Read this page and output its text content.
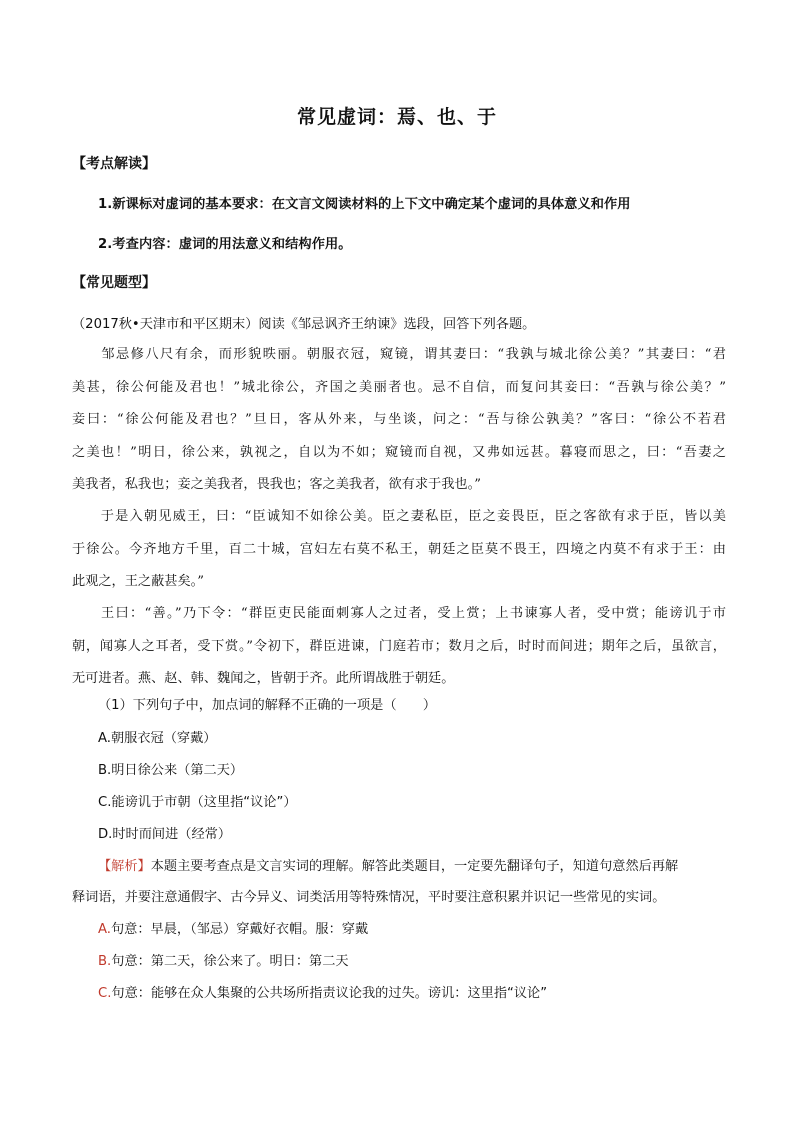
常见虚词：焉、也、于
【考点解读】
1.新课标对虚词的基本要求：在文言文阅读材料的上下文中确定某个虚词的具体意义和作用
2.考查内容：虚词的用法意义和结构作用。
【常见题型】
（2017秋•天津市和平区期末）阅读《邹忌讽齐王纳谏》选段，回答下列各题。
　　邹忌修八尺有余，而形貌昳丽。朝服衣冠，窥镜，谓其妻曰：“我孰与城北徐公美？”其妻曰：“君
美甚，徐公何能及君也！”城北徐公，齐国之美丽者也。忌不自信，而复问其妾曰：“吾孰与徐公美？”
妾曰：“徐公何能及君也？”旦日，客从外来，与坐谈，问之：“吾与徐公孰美？”客曰：“徐公不若君
之美也！”明日，徐公来，孰视之，自以为不如；窥镜而自视，又弗如远甚。暮寝而思之，曰：“吾妻之
美我者，私我也；妾之美我者，畏我也；客之美我者，欲有求于我也。”
　　于是入朝见威王，曰：“臣诚知不如徐公美。臣之妻私臣，臣之妾畏臣，臣之客欲有求于臣，皆以美
于徐公。今齐地方千里，百二十城，宫妇左右莫不私王，朝廷之臣莫不畏王，四境之内莫不有求于王：由
此观之，王之蔽甚矣。”
　　王曰：“善。”乃下令：“群臣吏民能面刺寡人之过者，受上赏；上书谏寡人者，受中赏；能谤讥于市
朝，闻寡人之耳者，受下赏。”令初下，群臣进谏，门庭若市；数月之后，时时而间进；期年之后，虽欲言，
无可进者。燕、赵、韩、魏闻之，皆朝于齐。此所谓战胜于朝廷。
（1）下列句子中，加点词的解释不正确的一项是（　　）
A.朝服衣冠（穿戴）
B.明日徐公来（第二天）
C.能谤讥于市朝（这里指“议论”）
D.时时而间进（经常）
【解析】本题主要考查点是文言实词的理解。解答此类题目，一定要先翻译句子，知道句意然后再解
释词语，并要注意通假字、古今异义、词类活用等特殊情况，平时要注意积累并识记一些常见的实词。
A.句意：早晨，（邹忌）穿戴好衣帽。服：穿戴
B.句意：第二天，徐公来了。明日：第二天
C.句意：能够在众人集聚的公共场所指责议论我的过失。谤讥：这里指“议论”
